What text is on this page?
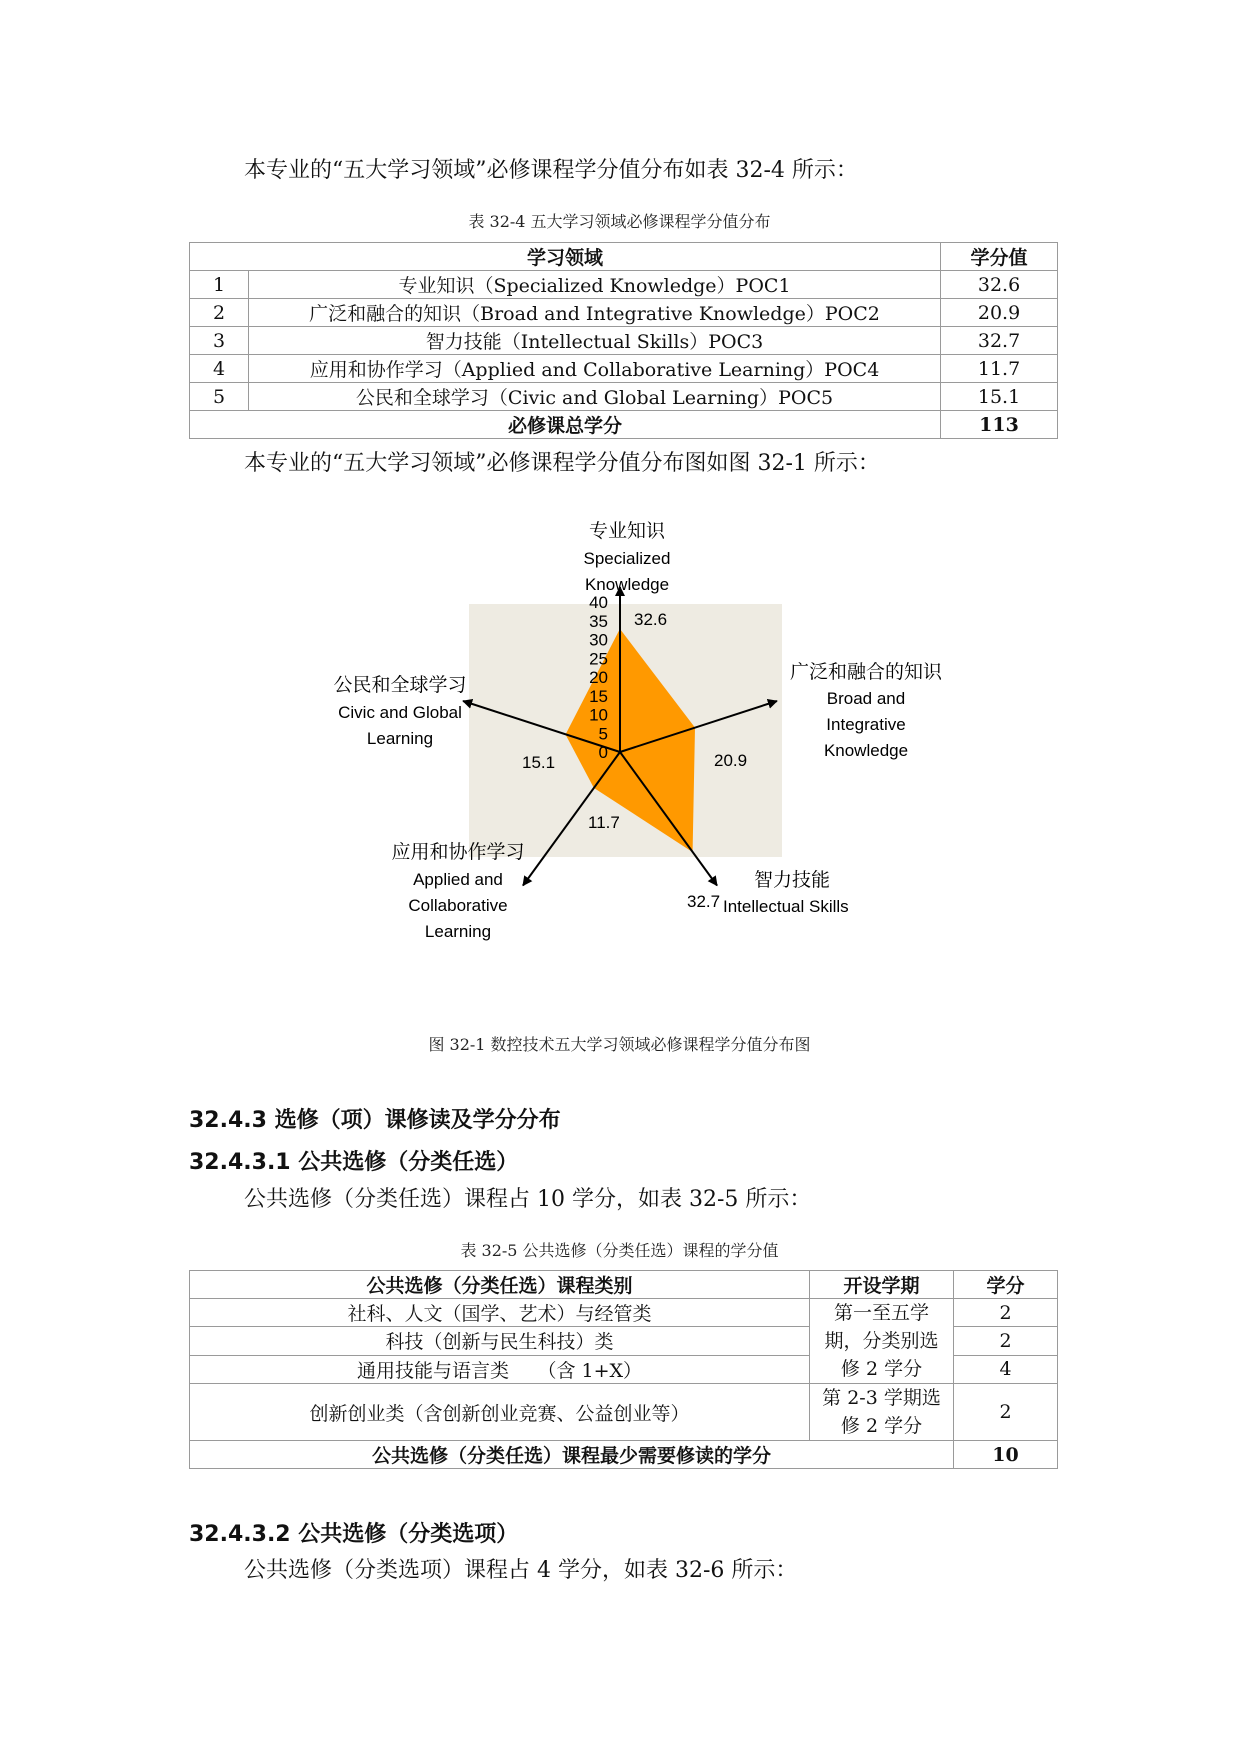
本专业的“五大学习领域”必修课程学分值分布如表 32-4 所示：
表 32-4 五大学习领域必修课程学分值分布
学习领域		学分值
1	专业知识（Specialized Knowledge）POC1	32.6
2	广泛和融合的知识（Broad and Integrative Knowledge）POC2	20.9
3	智力技能（Intellectual Skills）POC3	32.7
4	应用和协作学习（Applied and Collaborative Learning）POC4	11.7
5	公民和全球学习（Civic and Global Learning）POC5	15.1
必修课总学分		113
本专业的“五大学习领域”必修课程学分值分布图如图 32-1 所示：
40
35
30
25
20
15
10
5
0
32.6
20.9
32.7
11.7
15.1
专业知识
Specialized
Knowledge
广泛和融合的知识
Broad and
Integrative
Knowledge
智力技能
Intellectual Skills
应用和协作学习
Applied and
Collaborative
Learning
公民和全球学习
Civic and Global
Learning
图 32-1 数控技术五大学习领域必修课程学分值分布图
32.4.3 选修（项）课修读及学分分布
32.4.3.1 公共选修（分类任选）
公共选修（分类任选）课程占 10 学分，如表 32-5 所示：
表 32-5 公共选修（分类任选）课程的学分值
公共选修（分类任选）课程类别	开设学期	学分
社科、人文（国学、艺术）与经管类	第一至五学
期，分类别选
修 2 学分	2
科技（创新与民生科技）类		2
通用技能与语言类　　（含 1+X）		4
创新创业类（含创新创业竞赛、公益创业等）	第 2-3 学期选
修 2 学分	2
公共选修（分类任选）课程最少需要修读的学分		10
32.4.3.2 公共选修（分类选项）
公共选修（分类选项）课程占 4 学分，如表 32-6 所示：
